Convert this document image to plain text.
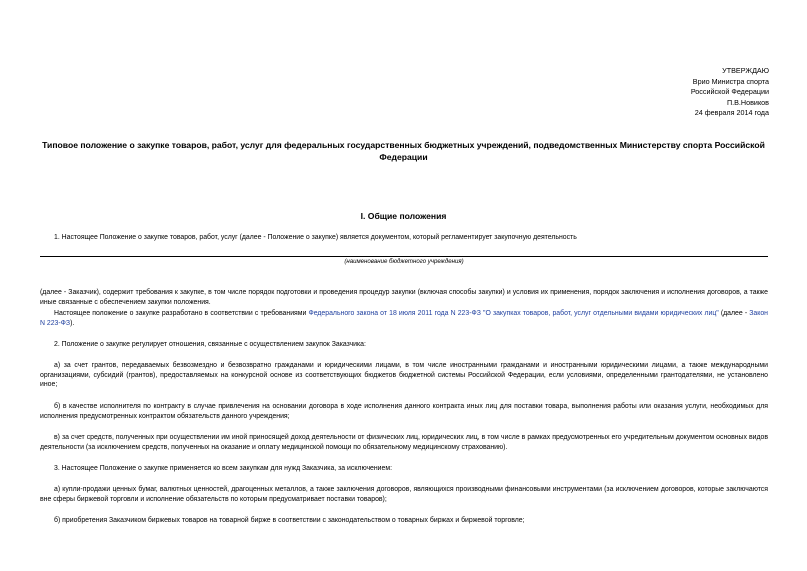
УТВЕРЖДАЮ
Врио Министра спорта
Российской Федерации
П.В.Новиков
24 февраля 2014 года
Типовое положение о закупке товаров, работ, услуг для федеральных государственных бюджетных учреждений, подведомственных Министерству спорта Российской Федерации
I. Общие положения
1. Настоящее Положение о закупке товаров, работ, услуг (далее - Положение о закупке) является документом, который регламентирует закупочную деятельность
(наименование бюджетного учреждения)
(далее - Заказчик), содержит требования к закупке, в том числе порядок подготовки и проведения процедур закупки (включая способы закупки) и условия их применения, порядок заключения и исполнения договоров, а также иные связанные с обеспечением закупки положения.
Настоящее положение о закупке разработано в соответствии с требованиями Федерального закона от 18 июля 2011 года N 223-ФЗ "О закупках товаров, работ, услуг отдельными видами юридических лиц" (далее - Закон N 223-ФЗ).
2. Положение о закупке регулирует отношения, связанные с осуществлением закупок Заказчика:
а) за счет грантов, передаваемых безвозмездно и безвозвратно гражданами и юридическими лицами, в том числе иностранными гражданами и иностранными юридическими лицами, а также международными организациями, субсидий (грантов), предоставляемых на конкурсной основе из соответствующих бюджетов бюджетной системы Российской Федерации, если условиями, определенными грантодателями, не установлено иное;
б) в качестве исполнителя по контракту в случае привлечения на основании договора в ходе исполнения данного контракта иных лиц для поставки товара, выполнения работы или оказания услуги, необходимых для исполнения предусмотренных контрактом обязательств данного учреждения;
в) за счет средств, полученных при осуществлении им иной приносящей доход деятельности от физических лиц, юридических лиц, в том числе в рамках предусмотренных его учредительным документом основных видов деятельности (за исключением средств, полученных на оказание и оплату медицинской помощи по обязательному медицинскому страхованию).
3. Настоящее Положение о закупке применяется ко всем закупкам для нужд Заказчика, за исключением:
а) купли-продажи ценных бумаг, валютных ценностей, драгоценных металлов, а также заключения договоров, являющихся производными финансовыми инструментами (за исключением договоров, которые заключаются вне сферы биржевой торговли и исполнение обязательств по которым предусматривает поставки товаров);
б) приобретения Заказчиком биржевых товаров на товарной бирже в соответствии с законодательством о товарных биржах и биржевой торговле;
